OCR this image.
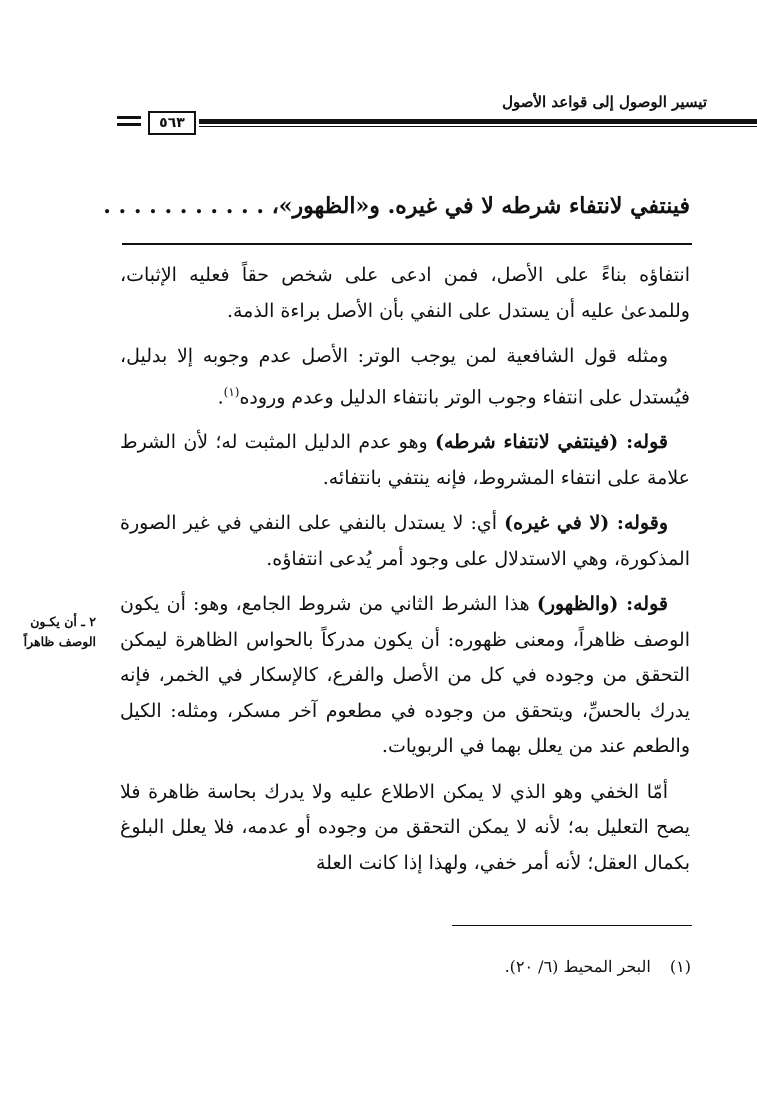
تيسير الوصول إلى قواعد الأصول
٥٦٣
فينتفي لانتفاء شرطه لا في غيره. و«الظهور»، . . . . . . . . . . .

انتفاؤه بناءً على الأصل، فمن ادعى على شخص حقاً فعليه الإثبات، وللمدعىٰ عليه أن يستدل على النفي بأن الأصل براءة الذمة.

ومثله قول الشافعية لمن يوجب الوتر: الأصل عدم وجوبه إلا بدليل، فيُستدل على انتفاء وجوب الوتر بانتفاء الدليل وعدم وروده$^{(١)}$.

قوله: (فينتفي لانتفاء شرطه) وهو عدم الدليل المثبت له؛ لأن الشرط علامة على انتفاء المشروط، فإنه ينتفي بانتفائه.

وقوله: (لا في غيره) أي: لا يستدل بالنفي على النفي في غير الصورة المذكورة، وهي الاستدلال على وجود أمر يُدعى انتفاؤه.

قوله: (والظهور) هذا الشرط الثاني من شروط الجامع، وهو: أن يكون الوصف ظاهراً، ومعنى ظهوره: أن يكون مدركاً بالحواس الظاهرة ليمكن التحقق من وجوده في كل من الأصل والفرع، كالإسكار في الخمر، فإنه يدرك بالحسِّ، ويتحقق من وجوده في مطعوم آخر مسكر، ومثله: الكيل والطعم عند من يعلل بهما في الربويات.

أمّا الخفي وهو الذي لا يمكن الاطلاع عليه ولا يدرك بحاسة ظاهرة فلا يصح التعليل به؛ لأنه لا يمكن التحقق من وجوده أو عدمه، فلا يعلل البلوغ بكمال العقل؛ لأنه أمر خفي، ولهذا إذا كانت العلة

٢ ـ أن يكـون
الوصف ظاهراً
(١) البحر المحيط (٦/ ٢٠).
